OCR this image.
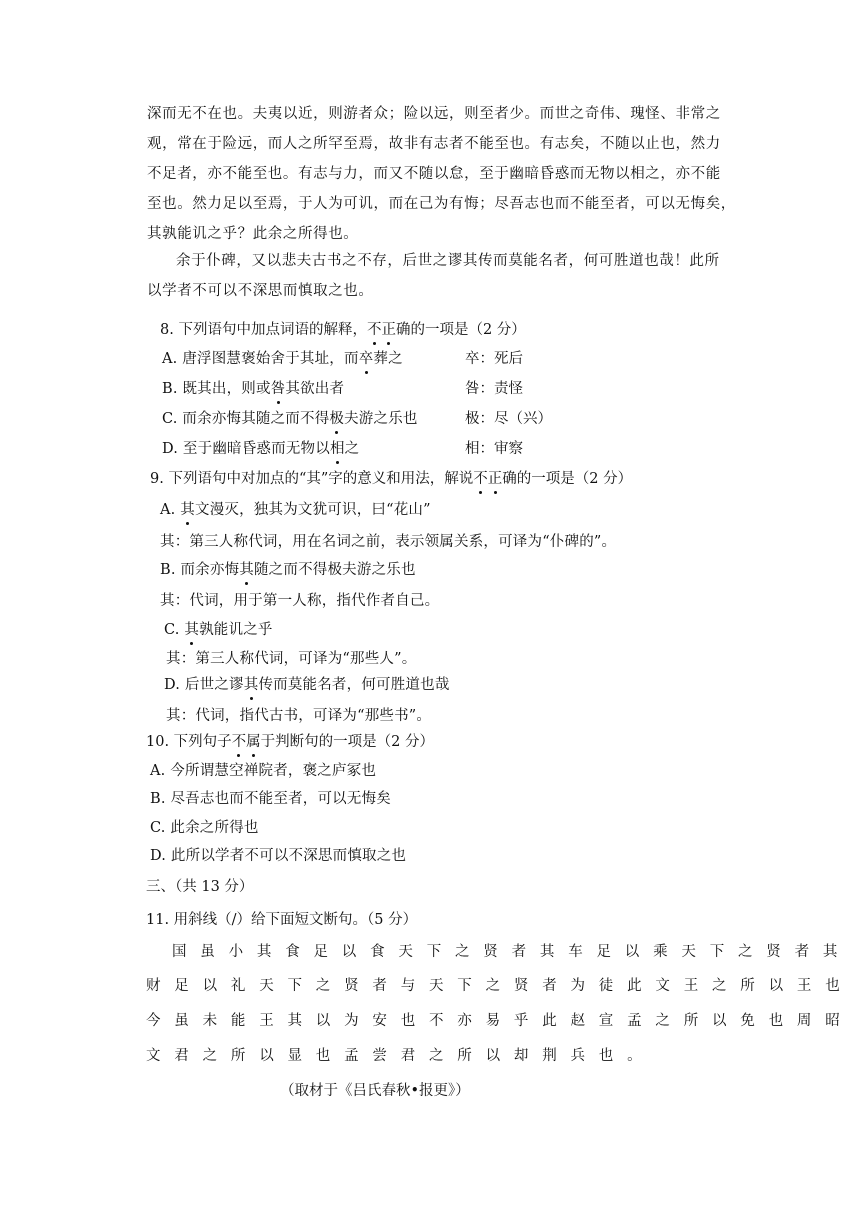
深而无不在也。夫夷以近，则游者众；险以远，则至者少。而世之奇伟、瑰怪、非常之
观，常在于险远，而人之所罕至焉，故非有志者不能至也。有志矣，不随以止也，然力
不足者，亦不能至也。有志与力，而又不随以怠，至于幽暗昏惑而无物以相之，亦不能
至也。然力足以至焉，于人为可讥，而在己为有悔；尽吾志也而不能至者，可以无悔矣，
其孰能讥之乎？此余之所得也。
余于仆碑，又以悲夫古书之不存，后世之谬其传而莫能名者，何可胜道也哉！此所
以学者不可以不深思而慎取之也。
8. 下列语句中加点词语的解释，不正确的一项是（2 分）
A. 唐浮图慧褒始舍于其址，而卒葬之	卒：死后
B. 既其出，则或咎其欲出者	咎：责怪
C. 而余亦悔其随之而不得极夫游之乐也	极：尽（兴）
D. 至于幽暗昏惑而无物以相之	相：审察
9. 下列语句中对加点的“其”字的意义和用法，解说不正确的一项是（2 分）
A. 其文漫灭，独其为文犹可识，曰“花山”
其：第三人称代词，用在名词之前，表示领属关系，可译为“仆碑的”。
B. 而余亦悔其随之而不得极夫游之乐也
其：代词，用于第一人称，指代作者自己。
C. 其孰能讥之乎
其：第三人称代词，可译为“那些人”。
D. 后世之谬其传而莫能名者，何可胜道也哉
其：代词，指代古书，可译为“那些书”。
10. 下列句子不属于判断句的一项是（2 分）
A. 今所谓慧空禅院者，褒之庐冢也
B. 尽吾志也而不能至者，可以无悔矣
C. 此余之所得也
D. 此所以学者不可以不深思而慎取之也
三、（共 13 分）
11. 用斜线（/）给下面短文断句。（5 分）
国虽小其食足以食天下之贤者其车足以乘天下之贤者其
财足以礼天下之贤者与天下之贤者为徒此文王之所以王也
今虽未能王其以为安也不亦易乎此赵宣孟之所以免也周昭
文君之所以显也孟尝君之所以却荆兵也。
（取材于《吕氏春秋•报更》）
